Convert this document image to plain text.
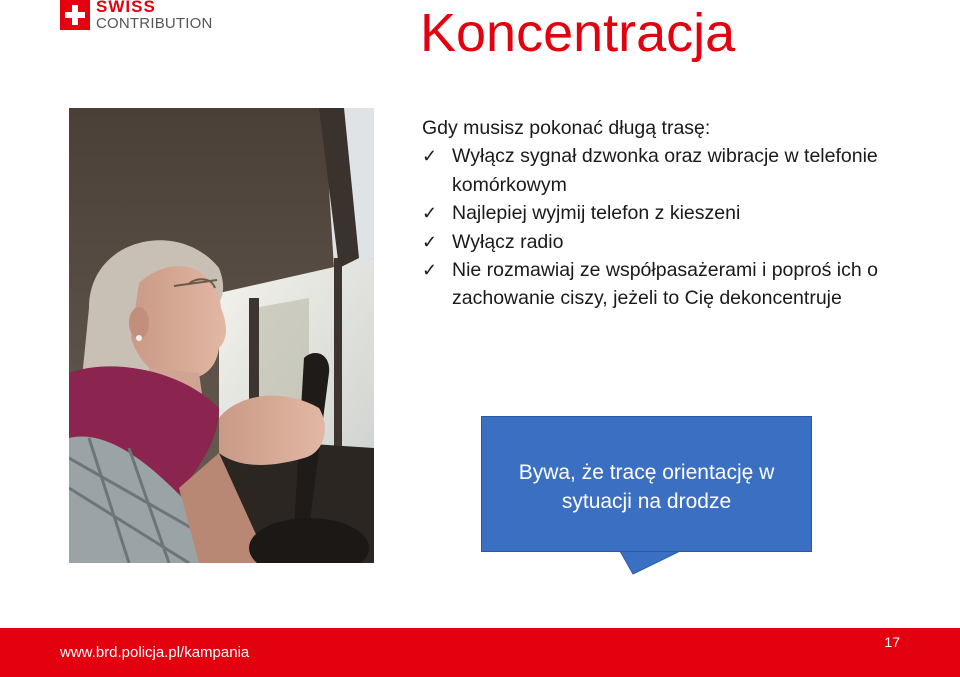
SWISS
CONTRIBUTION	Koncentracja

Gdy musisz pokonać długą trasę:

✓ Wyłącz sygnał dzwonka oraz wibracje w telefonie komórkowym
✓ Najlepiej wyjmij telefon z kieszeni
✓ Wyłącz radio
✓ Nie rozmawiaj ze współpasażerami i poproś ich o zachowanie ciszy, jeżeli to Cię dekoncentruje
Bywa, że tracę orientację w
sytuacji na drodze
www.brd.policja.pl/kampania
17
